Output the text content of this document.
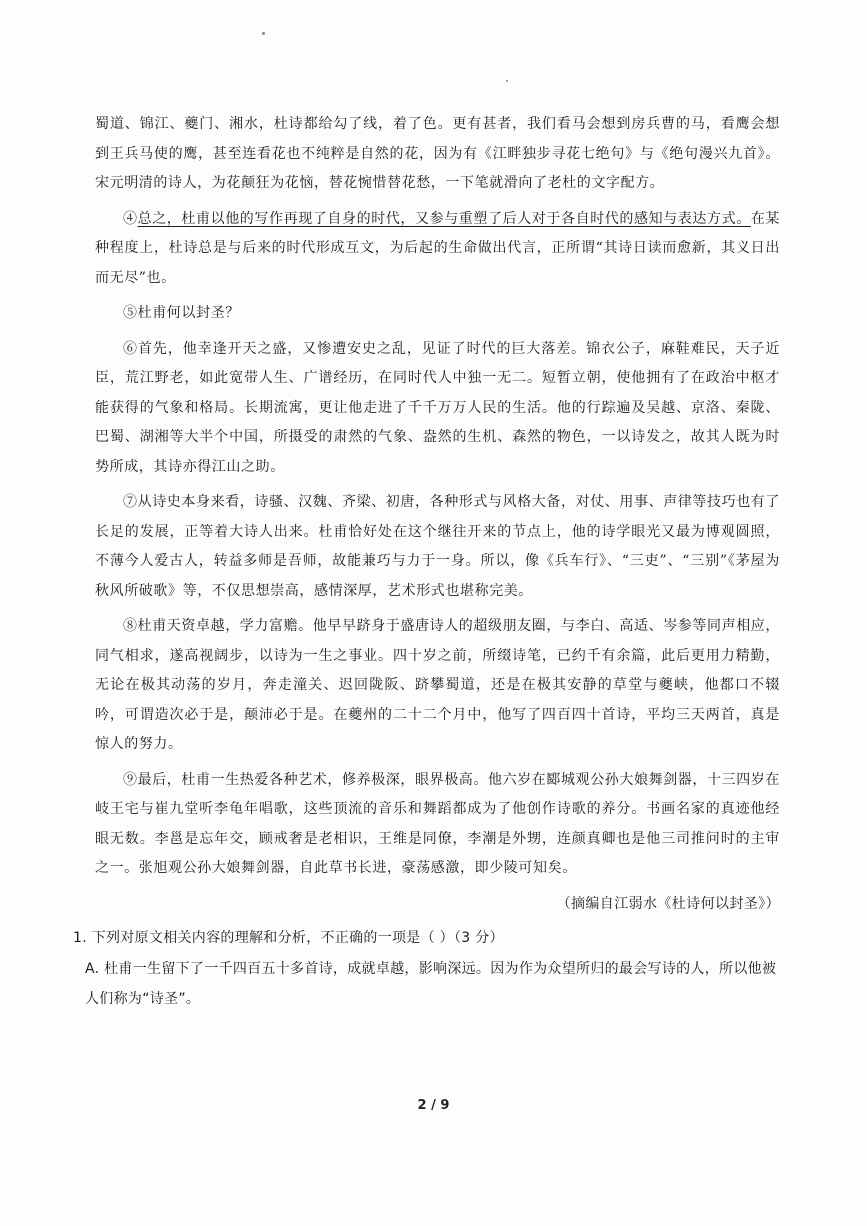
蜀道、锦江、夔门、湘水，杜诗都给勾了线，着了色。更有甚者，我们看马会想到房兵曹的马，看鹰会想到王兵马使的鹰，甚至连看花也不纯粹是自然的花，因为有《江畔独步寻花七绝句》与《绝句漫兴九首》。宋元明清的诗人，为花颠狂为花恼，替花惋惜替花愁，一下笔就滑向了老杜的文字配方。

④总之，杜甫以他的写作再现了自身的时代，又参与重塑了后人对于各自时代的感知与表达方式。在某种程度上，杜诗总是与后来的时代形成互文，为后起的生命做出代言，正所谓“其诗日读而愈新，其义日出而无尽”也。

⑤杜甫何以封圣？

⑥首先，他幸逢开天之盛，又惨遭安史之乱，见证了时代的巨大落差。锦衣公子，麻鞋难民，天子近臣，荒江野老，如此宽带人生、广谱经历，在同时代人中独一无二。短暂立朝，使他拥有了在政治中枢才能获得的气象和格局。长期流寓，更让他走进了千千万万人民的生活。他的行踪遍及吴越、京洛、秦陇、巴蜀、湖湘等大半个中国，所摄受的肃然的气象、盎然的生机、森然的物色，一以诗发之，故其人既为时势所成，其诗亦得江山之助。

⑦从诗史本身来看，诗骚、汉魏、齐梁、初唐，各种形式与风格大备，对仗、用事、声律等技巧也有了长足的发展，正等着大诗人出来。杜甫恰好处在这个继往开来的节点上，他的诗学眼光又最为博观圆照，不薄今人爱古人，转益多师是吾师，故能兼巧与力于一身。所以，像《兵车行》、“三吏”、“三别”《茅屋为秋风所破歌》等，不仅思想崇高，感情深厚，艺术形式也堪称完美。

⑧杜甫天资卓越，学力富赡。他早早跻身于盛唐诗人的超级朋友圈，与李白、高适、岑参等同声相应，同气相求，遂高视阔步，以诗为一生之事业。四十岁之前，所缀诗笔，已约千有余篇，此后更用力精勤，无论在极其动荡的岁月，奔走潼关、迟回陇阪、跻攀蜀道，还是在极其安静的草堂与夔峡，他都口不辍吟，可谓造次必于是，颠沛必于是。在夔州的二十二个月中，他写了四百四十首诗，平均三天两首，真是惊人的努力。

⑨最后，杜甫一生热爱各种艺术，修养极深，眼界极高。他六岁在郾城观公孙大娘舞剑器，十三四岁在岐王宅与崔九堂听李龟年唱歌，这些顶流的音乐和舞蹈都成为了他创作诗歌的养分。书画名家的真迹他经眼无数。李邕是忘年交，顾戒奢是老相识，王维是同僚，李潮是外甥，连颜真卿也是他三司推问时的主审之一。张旭观公孙大娘舞剑器，自此草书长进，豪荡感激，即少陵可知矣。

（摘编自江弱水《杜诗何以封圣》）

1. 下列对原文相关内容的理解和分析，不正确的一项是（ ）（3 分）

A. 杜甫一生留下了一千四百五十多首诗，成就卓越，影响深远。因为作为众望所归的最会写诗的人，所以他被人们称为“诗圣”。

2 / 9
